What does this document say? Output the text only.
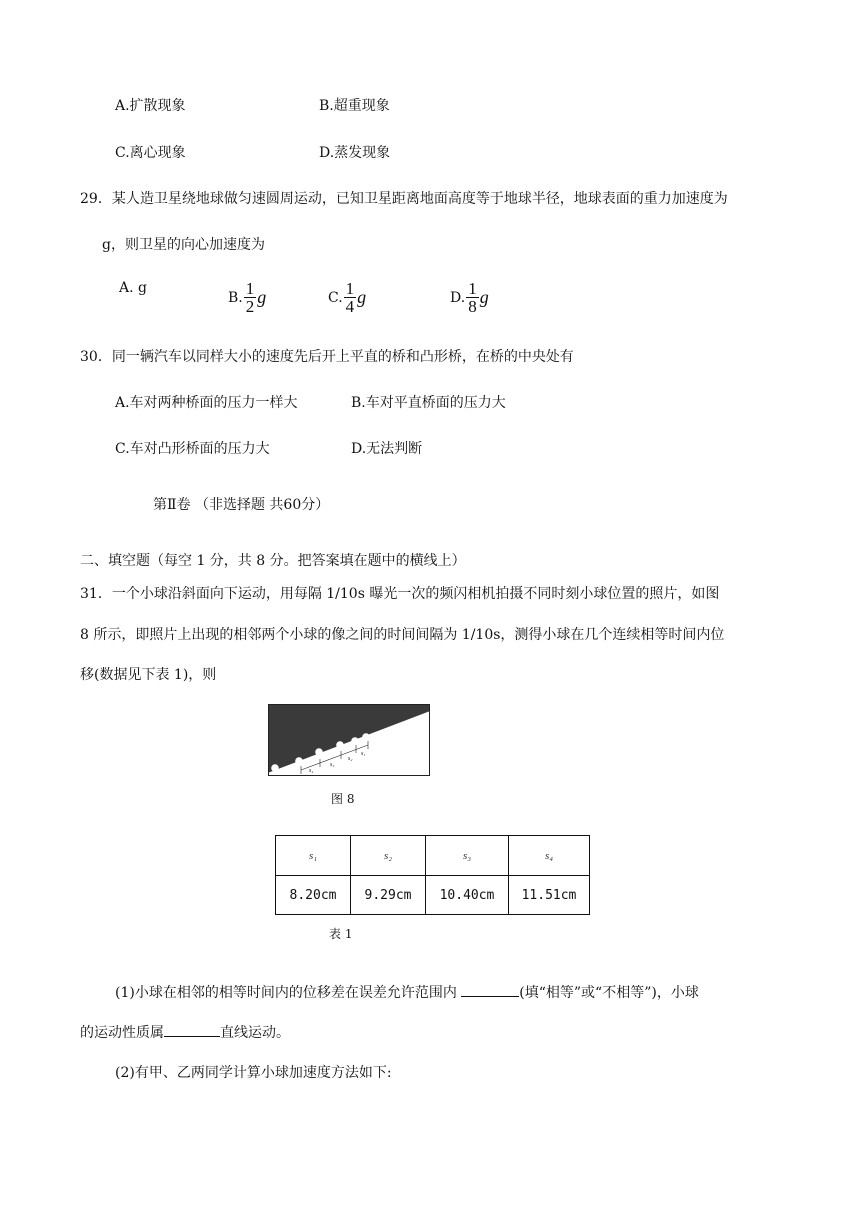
A.扩散现象	B.超重现象
C.离心现象	D.蒸发现象
29．某人造卫星绕地球做匀速圆周运动，已知卫星距离地面高度等于地球半径，地球表面的重力加速度为
g，则卫星的向心加速度为
A. g
B. $\frac{1}{2}$ g	C. $\frac{1}{4}$ g	D. $\frac{1}{8}$ g
30．同一辆汽车以同样大小的速度先后开上平直的桥和凸形桥，在桥的中央处有
A.车对两种桥面的压力一样大	B.车对平直桥面的压力大
C.车对凸形桥面的压力大	D.无法判断
第Ⅱ卷 （非选择题 共60分）
二、填空题（每空 1 分，共 8 分。把答案填在题中的横线上）
31．一个小球沿斜面向下运动，用每隔 1/10s 曝光一次的频闪相机拍摄不同时刻小球位置的照片，如图
8 所示，即照片上出现的相邻两个小球的像之间的时间间隔为 1/10s，测得小球在几个连续相等时间内位
移(数据见下表 1)，则
s₄
s₃
s₂
s₁
图 8
s₁	s₂	s₃	s₄
8.20cm	9.29cm	10.40cm	11.51cm
表 1
(1)小球在相邻的相等时间内的位移差在误差允许范围内	(填“相等”或“不相等”)，小球
的运动性质属	直线运动。
(2)有甲、乙两同学计算小球加速度方法如下:
